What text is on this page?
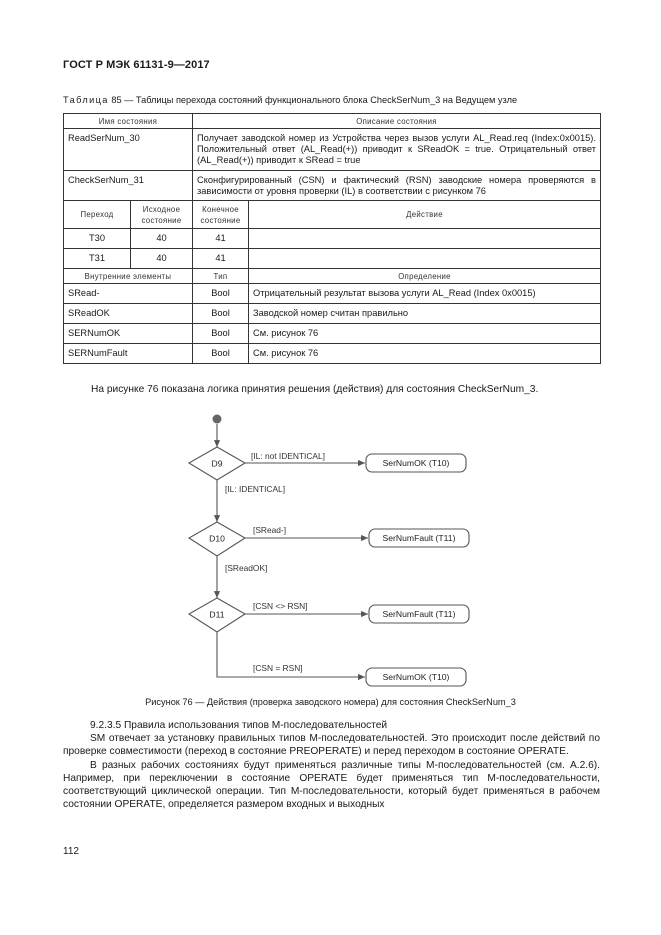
ГОСТ Р МЭК 61131-9—2017
Таблица 85 — Таблицы перехода состояний функционального блока CheckSerNum_3 на Ведущем узле
Имя состояния		Описание состояния	
ReadSerNum_30		Получает заводской номер из Устройства через вызов услуги AL_Read.req (Index:0x0015). Положительный ответ (AL_Read(+)) приводит к SReadOK = true. Отрицательный ответ (AL_Read(+)) приводит к SRead = true	
CheckSerNum_31		Сконфигурированный (CSN) и фактический (RSN) заводские номера проверяются в зависимости от уровня проверки (IL) в соответствии с рисунком 76	
Переход	Исходное состояние	Конечное состояние	Действие
T30	40	41	
T31	40	41	
Внутренние элементы		Тип	Определение
SRead-		Bool	Отрицательный результат вызова услуги AL_Read (Index 0x0015)
SReadOK		Bool	Заводской номер считан правильно
SERNumOK		Bool	См. рисунок 76
SERNumFault		Bool	См. рисунок 76
На рисунке 76 показана логика принятия решения (действия) для состояния CheckSerNum_3.
D9
D10
D11
SerNumOK (T10)
SerNumFault (T11)
SerNumFault (T11)
SerNumOK (T10)
[IL: not IDENTICAL]
[IL: IDENTICAL]
[SRead-]
[SReadOK]
[CSN <> RSN]
[CSN = RSN]
Рисунок 76 — Действия (проверка заводского номера) для состояния CheckSerNum_3

9.2.3.5 Правила использования типов M-последовательностей

SM отвечает за установку правильных типов M-последовательностей. Это происходит после действий по проверке совместимости (переход в состояние PREOPERATE) и перед переходом в состояние OPERATE.

В разных рабочих состояниях будут применяться различные типы M-последовательностей (см. А.2.6). Например, при переключении в состояние OPERATE будет применяться тип M-последовательности, соответствующий циклической операции. Тип M-последовательности, который будет применяться в рабочем состоянии OPERATE, определяется размером входных и выходных

112
